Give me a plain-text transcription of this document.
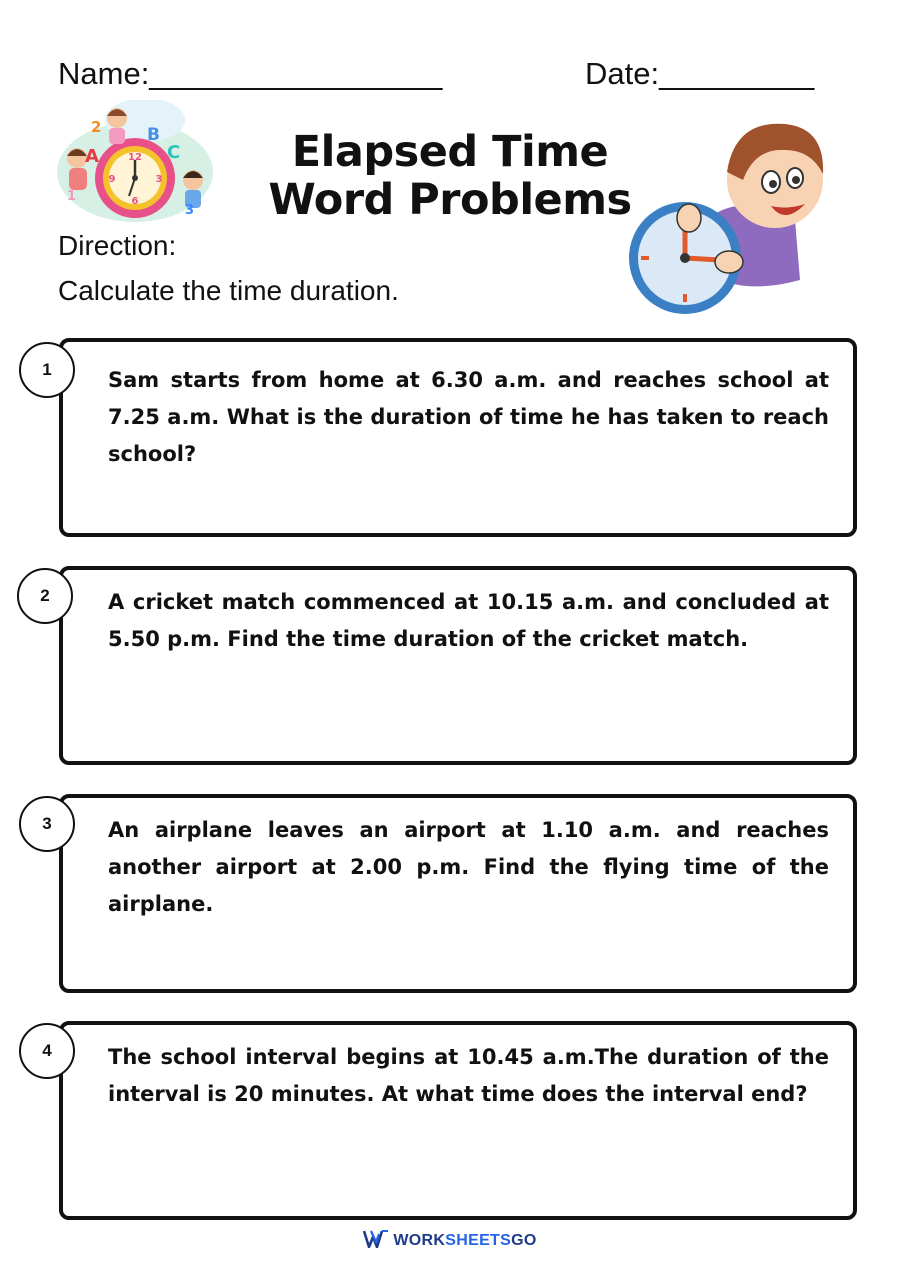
Name:_________________	Date:_________
12
3
6
9
2
A
B
C
1
3
Elapsed Time
Word Problems
Direction:
Calculate the time duration.
Sam starts from home at 6.30 a.m. and reaches school at 7.25 a.m. What is the duration of time he has taken to reach school?
1
A cricket match commenced at 10.15 a.m. and concluded at 5.50 p.m. Find the time duration of the cricket match.
2
An airplane leaves an airport at 1.10 a.m. and reaches another airport at 2.00 p.m. Find the flying time of the airplane.
3
The school interval begins at 10.45 a.m.The duration of the interval is 20 minutes. At what time does the interval end?
4
WORKSHEETSGO
